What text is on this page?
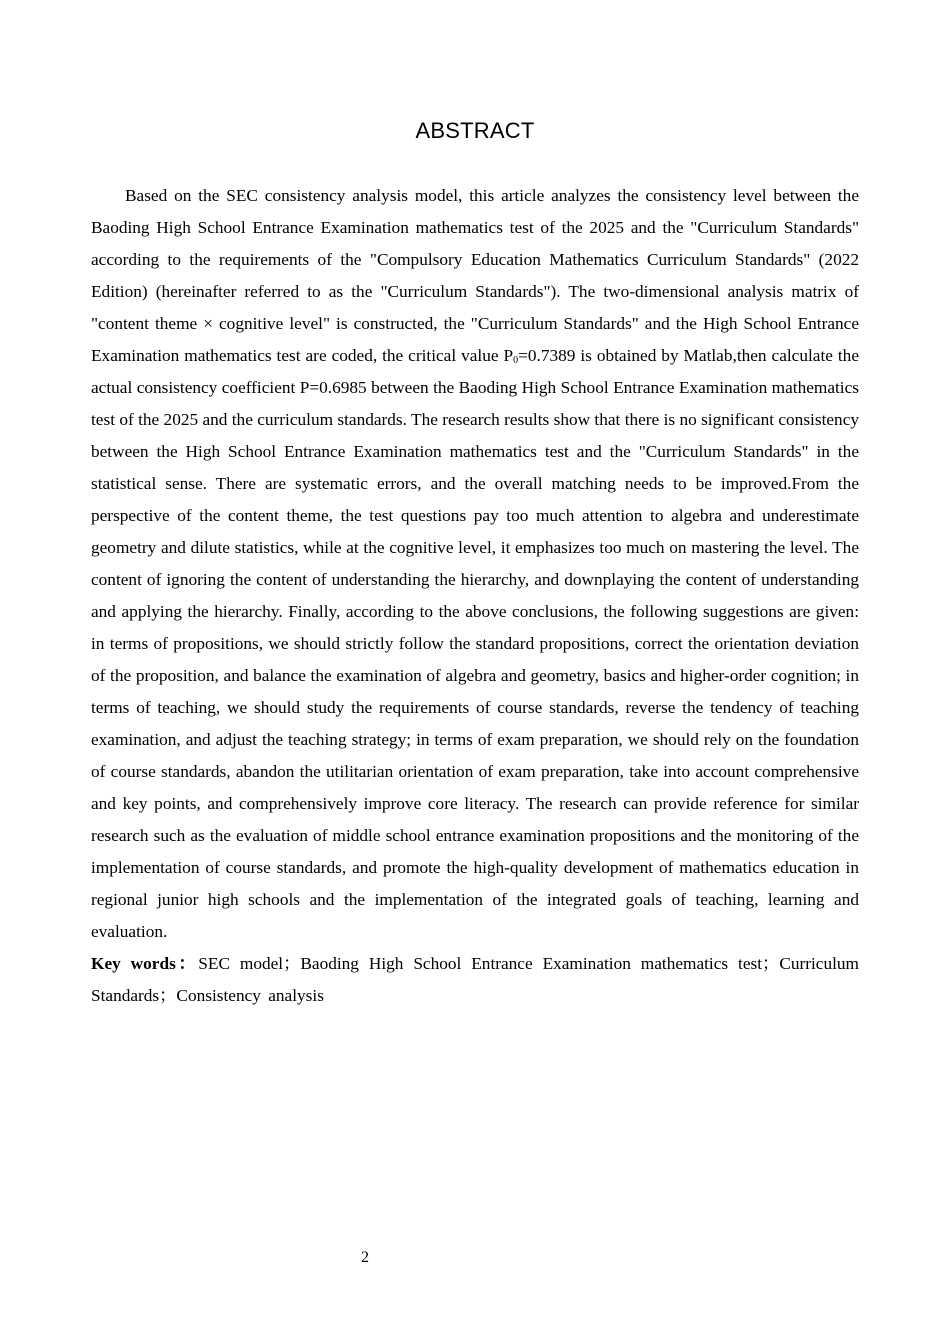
ABSTRACT

Based on the SEC consistency analysis model, this article analyzes the consistency level between the Baoding High School Entrance Examination mathematics test of the 2025 and the "Curriculum Standards" according to the requirements of the "Compulsory Education Mathematics Curriculum Standards" (2022 Edition) (hereinafter referred to as the "Curriculum Standards"). The two-dimensional analysis matrix of "content theme × cognitive level" is constructed, the "Curriculum Standards" and the High School Entrance Examination mathematics test are coded, the critical value $P_0=0.7389$ is obtained by Matlab,then calculate the actual consistency coefficient P=0.6985 between the Baoding High School Entrance Examination mathematics test of the 2025 and the curriculum standards. The research results show that there is no significant consistency between the High School Entrance Examination mathematics test and the "Curriculum Standards" in the statistical sense. There are systematic errors, and the overall matching needs to be improved.From the perspective of the content theme, the test questions pay too much attention to algebra and underestimate geometry and dilute statistics, while at the cognitive level, it emphasizes too much on mastering the level. The content of ignoring the content of understanding the hierarchy, and downplaying the content of understanding and applying the hierarchy. Finally, according to the above conclusions, the following suggestions are given: in terms of propositions, we should strictly follow the standard propositions, correct the orientation deviation of the proposition, and balance the examination of algebra and geometry, basics and higher-order cognition; in terms of teaching, we should study the requirements of course standards, reverse the tendency of teaching examination, and adjust the teaching strategy; in terms of exam preparation, we should rely on the foundation of course standards, abandon the utilitarian orientation of exam preparation, take into account comprehensive and key points, and comprehensively improve core literacy. The research can provide reference for similar research such as the evaluation of middle school entrance examination propositions and the monitoring of the implementation of course standards, and promote the high-quality development of mathematics education in regional junior high schools and the implementation of the integrated goals of teaching, learning and evaluation.

Key words：SEC model；Baoding High School Entrance Examination mathematics test；Curriculum Standards；Consistency analysis

2
